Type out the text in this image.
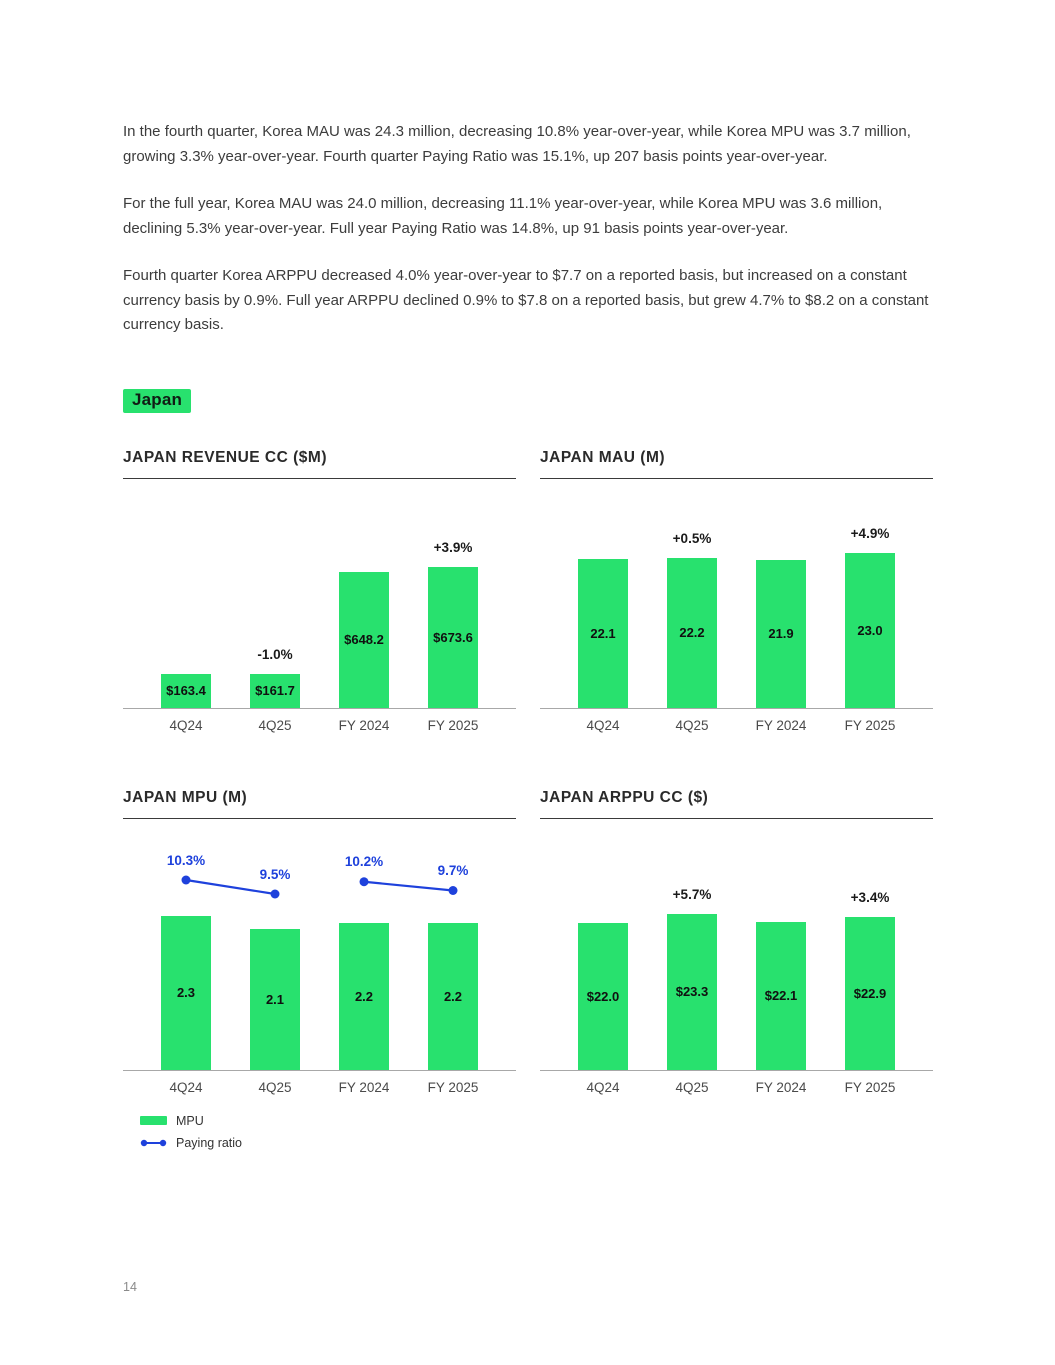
In the fourth quarter, Korea MAU was 24.3 million, decreasing 10.8% year-over-year, while Korea MPU was 3.7 million, growing 3.3% year-over-year. Fourth quarter Paying Ratio was 15.1%, up 207 basis points year-over-year.

For the full year, Korea MAU was 24.0 million, decreasing 11.1% year-over-year, while Korea MPU was 3.6 million, declining 5.3% year-over-year. Full year Paying Ratio was 14.8%, up 91 basis points year-over-year.

Fourth quarter Korea ARPPU decreased 4.0% year-over-year to $7.7 on a reported basis, but increased on a constant currency basis by 0.9%. Full year ARPPU declined 0.9% to $7.8 on a reported basis, but grew 4.7% to $8.2 on a constant currency basis.

Japan
JAPAN REVENUE CC ($M)
$163.4	$161.7
-1.0%
$648.2	$673.6
+3.9%
4Q24	4Q25	FY 2024	FY 2025
JAPAN MAU (M)
22.1	22.2
+0.5%
21.9	23.0
+4.9%
4Q24	4Q25	FY 2024	FY 2025
JAPAN MPU (M)
2.3	2.1	2.2	2.2
10.3%
9.5%
10.2%
9.7%
4Q24	4Q25	FY 2024	FY 2025
MPU
Paying ratio
JAPAN ARPPU CC ($)
$22.0	$23.3
+5.7%
$22.1	$22.9
+3.4%
4Q24	4Q25	FY 2024	FY 2025
14
